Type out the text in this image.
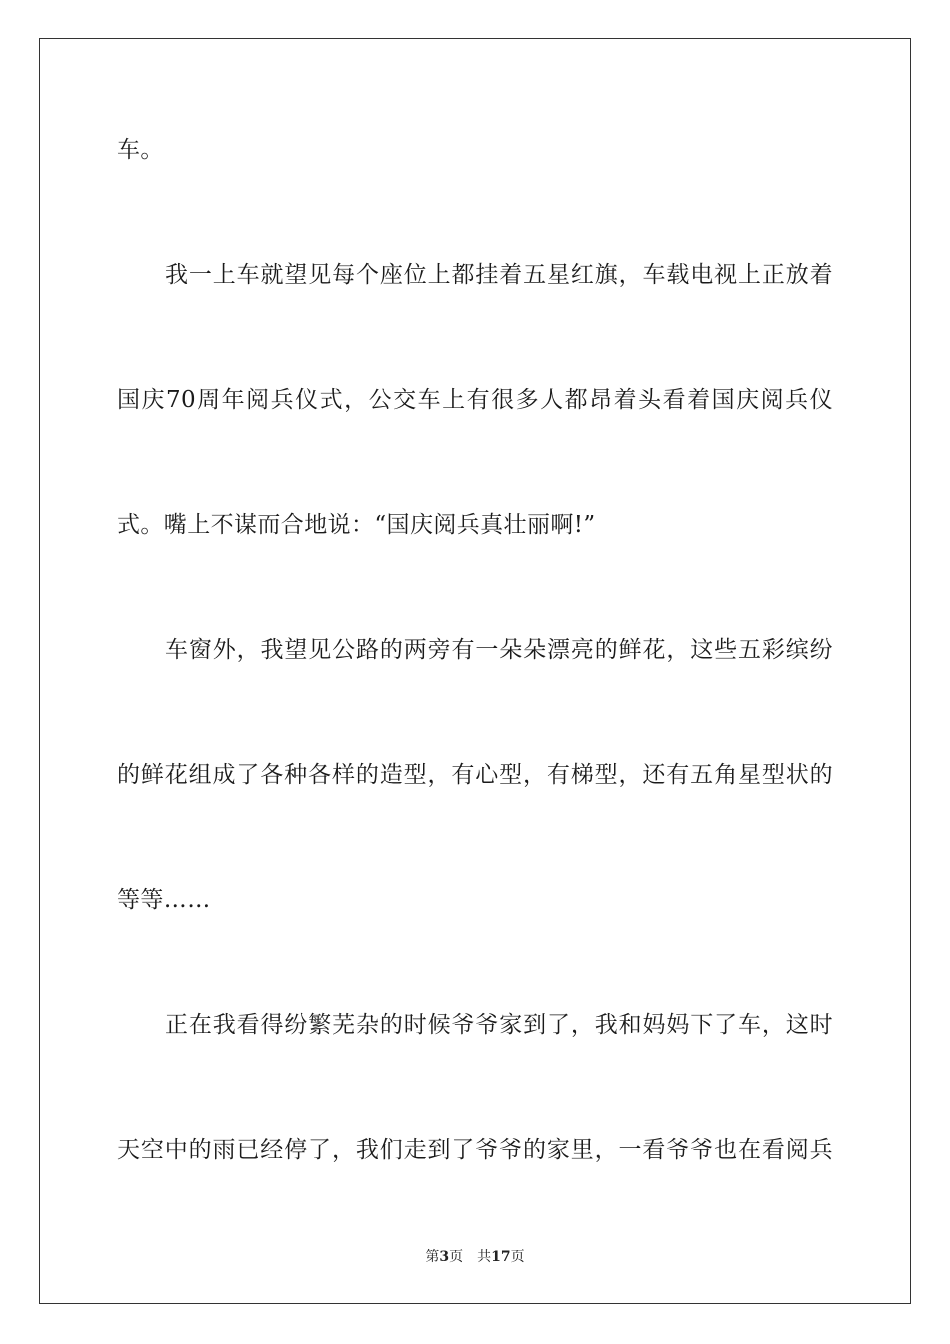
车。
我一上车就望见每个座位上都挂着五星红旗，车载电视上正放着
国庆70周年阅兵仪式，公交车上有很多人都昂着头看着国庆阅兵仪
式。嘴上不谋而合地说：“国庆阅兵真壮丽啊!”
车窗外，我望见公路的两旁有一朵朵漂亮的鲜花，这些五彩缤纷
的鲜花组成了各种各样的造型，有心型，有梯型，还有五角星型状的
等等……
正在我看得纷繁芜杂的时候爷爷家到了，我和妈妈下了车，这时
天空中的雨已经停了，我们走到了爷爷的家里，一看爷爷也在看阅兵
第3页 共17页
